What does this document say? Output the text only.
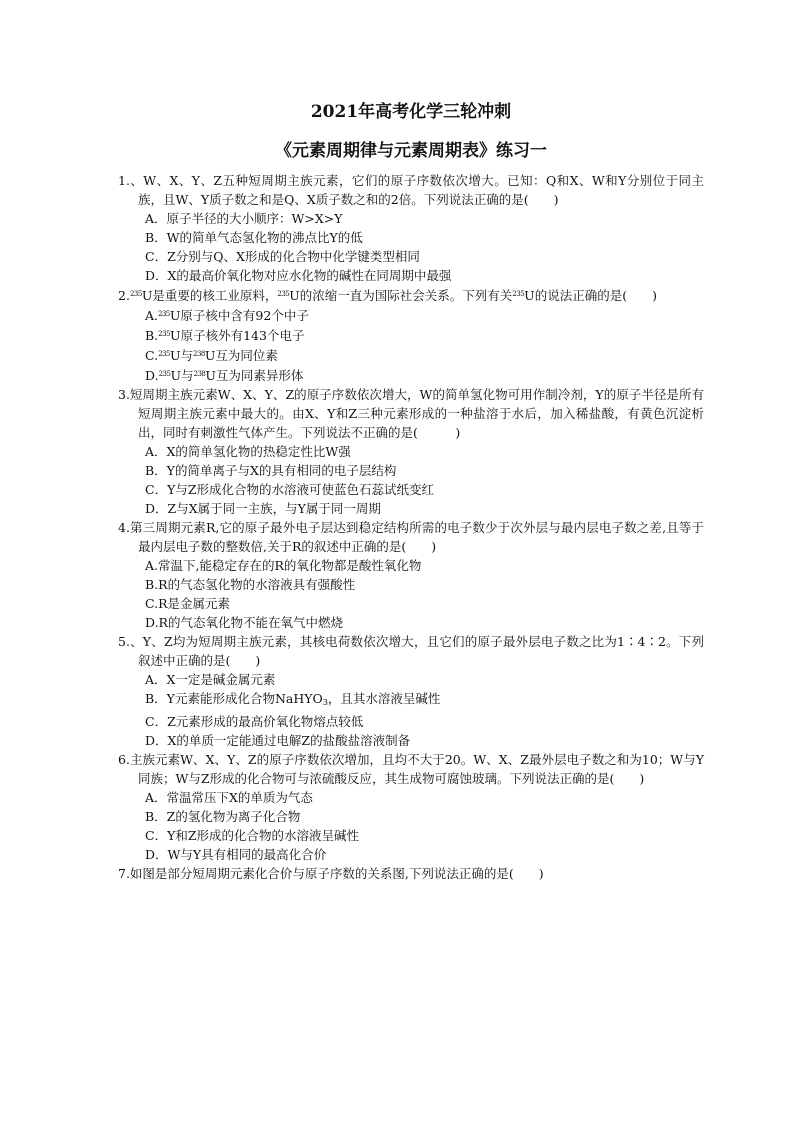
2021年高考化学三轮冲刺
《元素周期律与元素周期表》练习一
1.、W、X、Y、Z五种短周期主族元素，它们的原子序数依次增大。已知：Q和X、W和Y分别位于同主族，且W、Y质子数之和是Q、X质子数之和的2倍。下列说法正确的是(　　)
A．原子半径的大小顺序：W>X>Y
B．W的简单气态氢化物的沸点比Y的低
C．Z分别与Q、X形成的化合物中化学键类型相同
D．X的最高价氧化物对应水化物的碱性在同周期中最强
2.$^{235}$U是重要的核工业原料，$^{235}$U的浓缩一直为国际社会关系。下列有关$^{235}$U的说法正确的是(　　)
A.$^{235}$U原子核中含有92个中子
B.$^{235}$U原子核外有143个电子
C.$^{235}$U与$^{238}$U互为同位素
D.$^{235}$U与$^{238}$U互为同素异形体
3.短周期主族元素W、X、Y、Z的原子序数依次增大，W的简单氢化物可用作制冷剂，Y的原子半径是所有短周期主族元素中最大的。由X、Y和Z三种元素形成的一种盐溶于水后，加入稀盐酸，有黄色沉淀析出，同时有刺激性气体产生。下列说法不正确的是(　　　)
A．X的简单氢化物的热稳定性比W强
B．Y的简单离子与X的具有相同的电子层结构
C．Y与Z形成化合物的水溶液可使蓝色石蕊试纸变红
D．Z与X属于同一主族，与Y属于同一周期
4.第三周期元素R,它的原子最外电子层达到稳定结构所需的电子数少于次外层与最内层电子数之差,且等于最内层电子数的整数倍,关于R的叙述中正确的是(　　)
A.常温下,能稳定存在的R的氧化物都是酸性氧化物
B.R的气态氢化物的水溶液具有强酸性
C.R是金属元素
D.R的气态氧化物不能在氧气中燃烧
5.、Y、Z均为短周期主族元素，其核电荷数依次增大，且它们的原子最外层电子数之比为1∶4∶2。下列叙述中正确的是(　　)
A．X一定是碱金属元素
B．Y元素能形成化合物NaHYO$_3$，且其水溶液呈碱性
C．Z元素形成的最高价氧化物熔点较低
D．X的单质一定能通过电解Z的盐酸盐溶液制备
6.主族元素W、X、Y、Z的原子序数依次增加，且均不大于20。W、X、Z最外层电子数之和为10；W与Y同族；W与Z形成的化合物可与浓硫酸反应，其生成物可腐蚀玻璃。下列说法正确的是(　　)
A．常温常压下X的单质为气态
B．Z的氢化物为离子化合物
C．Y和Z形成的化合物的水溶液呈碱性
D．W与Y具有相同的最高化合价
7.如图是部分短周期元素化合价与原子序数的关系图,下列说法正确的是(　　)
